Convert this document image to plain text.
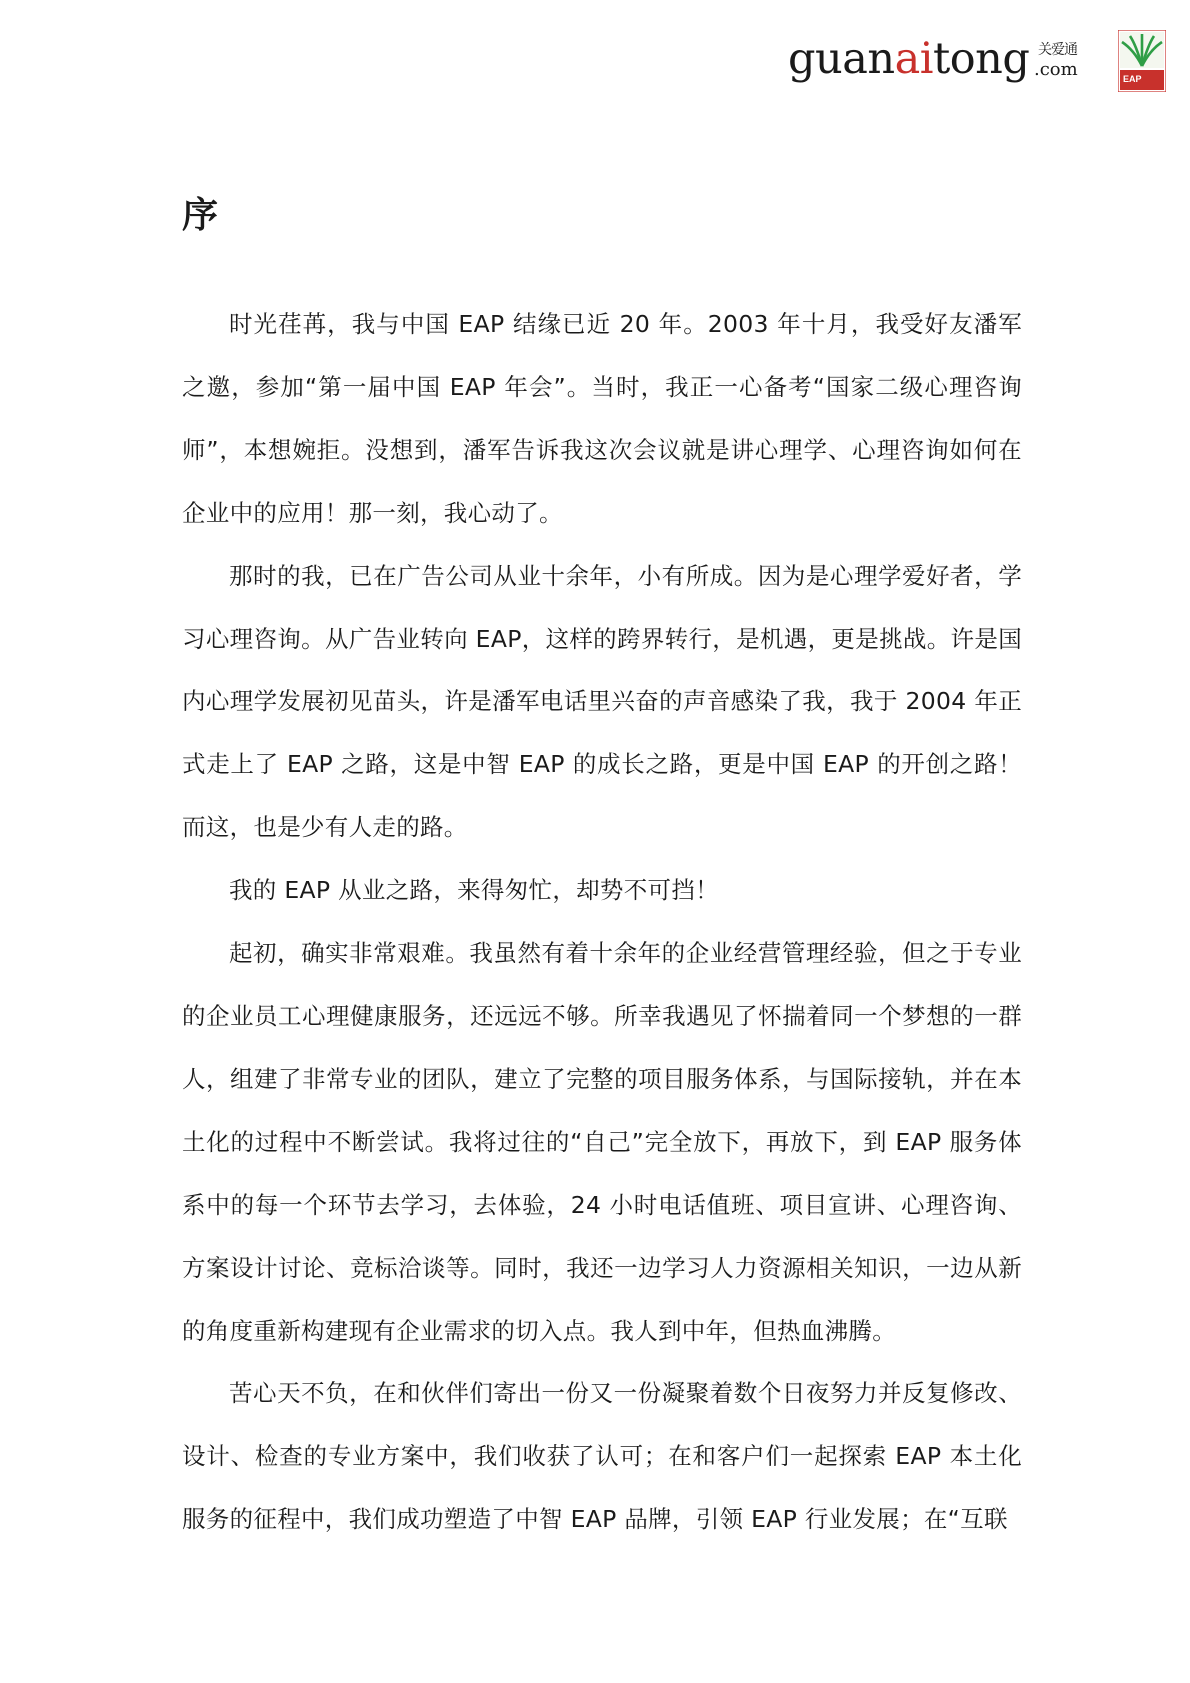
guanaitong 关爱通
.com	EAP
序

时光荏苒，我与中国 EAP 结缘已近 20 年。2003 年十月，我受好友潘军之邀，参加“第一届中国 EAP 年会”。当时，我正一心备考“国家二级心理咨询师”，本想婉拒。没想到，潘军告诉我这次会议就是讲心理学、心理咨询如何在企业中的应用！那一刻，我心动了。

那时的我，已在广告公司从业十余年，小有所成。因为是心理学爱好者，学习心理咨询。从广告业转向 EAP，这样的跨界转行，是机遇，更是挑战。许是国内心理学发展初见苗头，许是潘军电话里兴奋的声音感染了我，我于 2004 年正式走上了 EAP 之路，这是中智 EAP 的成长之路，更是中国 EAP 的开创之路！而这，也是少有人走的路。

我的 EAP 从业之路，来得匆忙，却势不可挡！

起初，确实非常艰难。我虽然有着十余年的企业经营管理经验，但之于专业的企业员工心理健康服务，还远远不够。所幸我遇见了怀揣着同一个梦想的一群人，组建了非常专业的团队，建立了完整的项目服务体系，与国际接轨，并在本土化的过程中不断尝试。我将过往的“自己”完全放下，再放下，到 EAP 服务体系中的每一个环节去学习，去体验，24 小时电话值班、项目宣讲、心理咨询、方案设计讨论、竞标洽谈等。同时，我还一边学习人力资源相关知识，一边从新的角度重新构建现有企业需求的切入点。我人到中年，但热血沸腾。

苦心天不负，在和伙伴们寄出一份又一份凝聚着数个日夜努力并反复修改、设计、检查的专业方案中，我们收获了认可；在和客户们一起探索 EAP 本土化服务的征程中，我们成功塑造了中智 EAP 品牌，引领 EAP 行业发展；在“互联
